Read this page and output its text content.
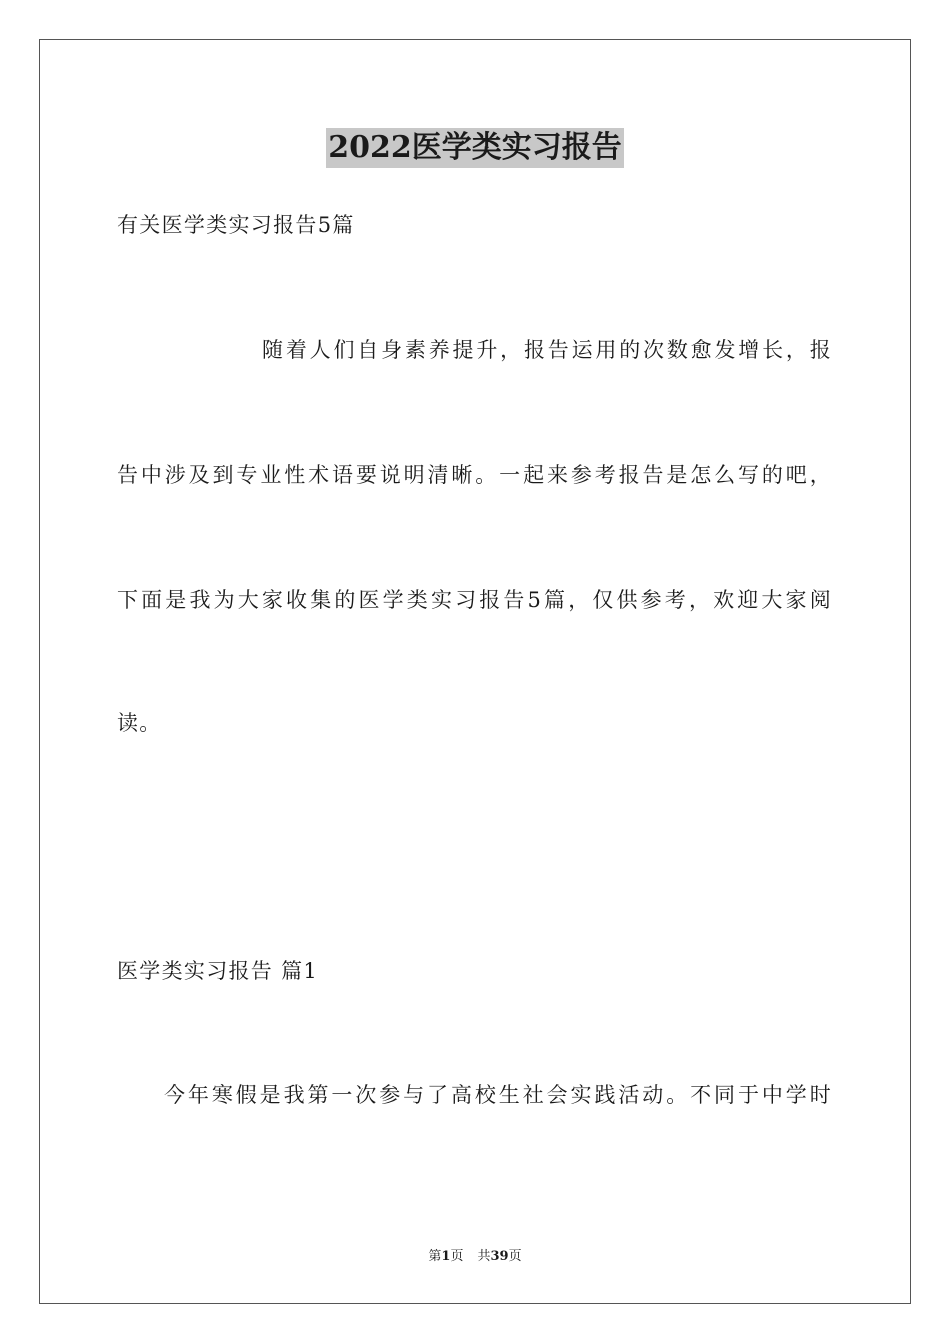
2022医学类实习报告
有关医学类实习报告5篇
随着人们自身素养提升，报告运用的次数愈发增长，报
告中涉及到专业性术语要说明清晰。一起来参考报告是怎么写的吧，
下面是我为大家收集的医学类实习报告5篇，仅供参考，欢迎大家阅
读。
医学类实习报告 篇1
今年寒假是我第一次参与了高校生社会实践活动。不同于中学时
第1页 共39页
